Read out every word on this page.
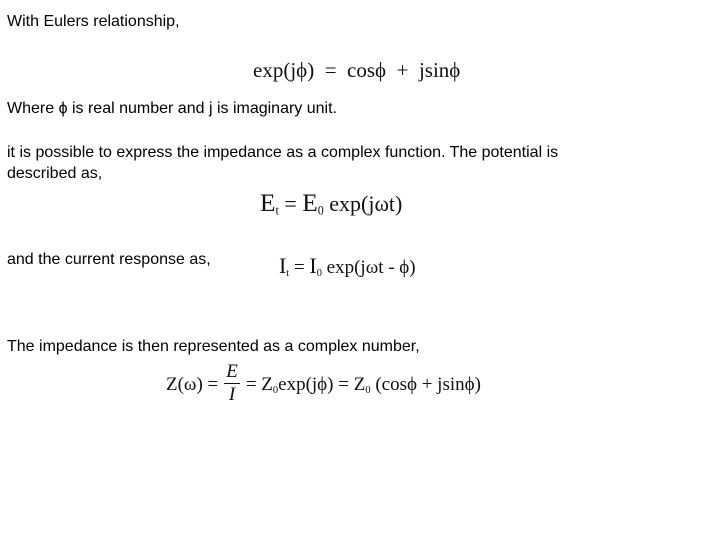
With Eulers relationship,

exp(jϕ) = cosϕ + jsinϕ

Where ϕ is real number and j is imaginary unit.

it is possible to express the impedance as a complex function. The potential is

described as,

$E_t = E_0$ exp(jωt)

and the current response as,	$I_t = I_0$ exp(jωt - ϕ)

The impedance is then represented as a complex number,

$Z(\omega) = \frac{E}{I} = Z_0\exp(j\phi) = Z_0$ (cosϕ + jsinϕ)
